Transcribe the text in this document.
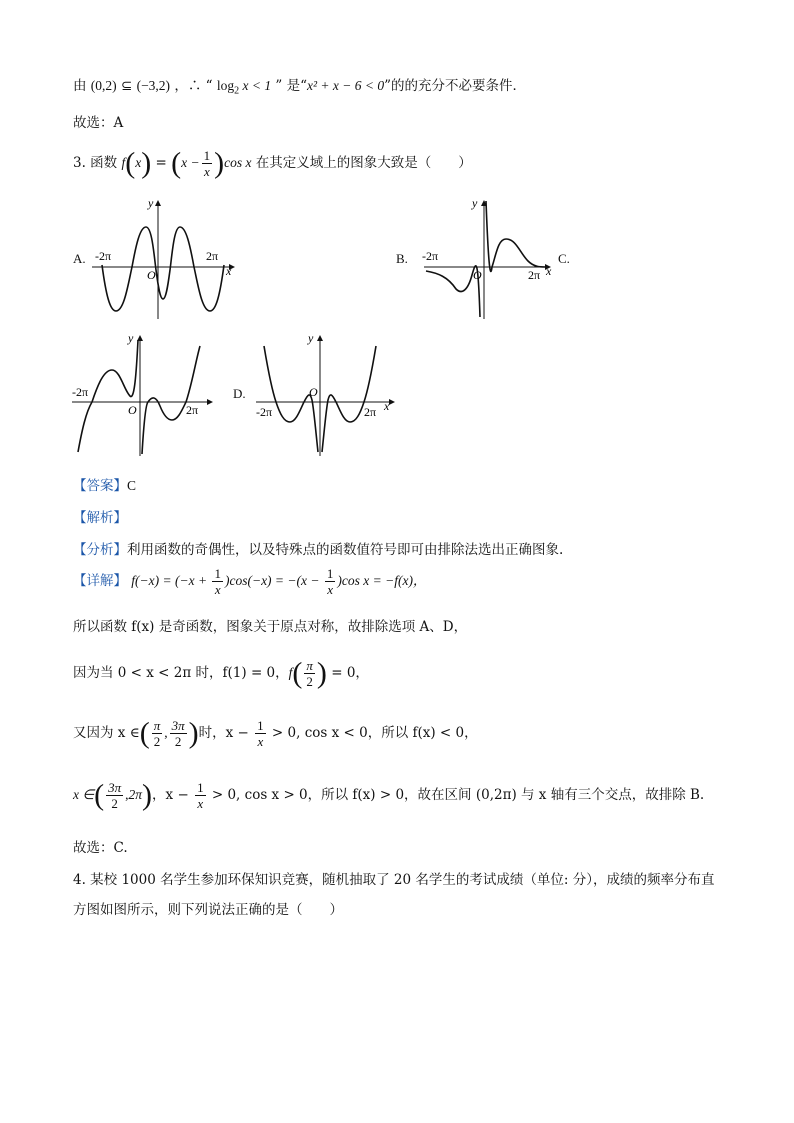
由 (0,2) ⊆ (−3,2) ，∴ “ $\log_2 x < 1$ ” 是“x² + x − 6 < 0”的的充分不必要条件．
故选：A
3. 函数 $f(x) = (x - \frac{1}{x} )\cos$ x 在其定义域上的图象大致是（　　）
A.	B.	C.
D.
-2π	2π
O
y
x
-2π
2π
O
y
x
-2π
2π
O
y
-2π	2π
O
y
x
【答案】C
【解析】
【分析】利用函数的奇偶性，以及特殊点的函数值符号即可由排除法选出正确图象.
【详解】 $f(-x) = (-x + \frac{1}{x} )\cos(-x) = -(x - \frac{1}{x} )\cos$ x = −f(x)，
所以函数 f(x) 是奇函数，图象关于原点对称，故排除选项 A、D，
因为当 0 < x < 2π 时，f(1) = 0，$f( \frac{\pi}{2}$ ) = 0，
又因为 x ∈( $\frac{\pi}{2}$ , $\frac{3\pi}{2}$ )时，$x - \frac{1}{x} > 0$, cos x < 0，所以 f(x) < 0，
x ∈( $\frac{3\pi}{2} ,2\pi$)，$x - \frac{1}{x} > 0$, cos x > 0，所以 f(x) > 0，故在区间 (0,2π) 与 x 轴有三个交点，故排除 B.
故选：C.
4. 某校 1000 名学生参加环保知识竞赛，随机抽取了 20 名学生的考试成绩（单位: 分），成绩的频率分布直
方图如图所示，则下列说法正确的是（　　）
